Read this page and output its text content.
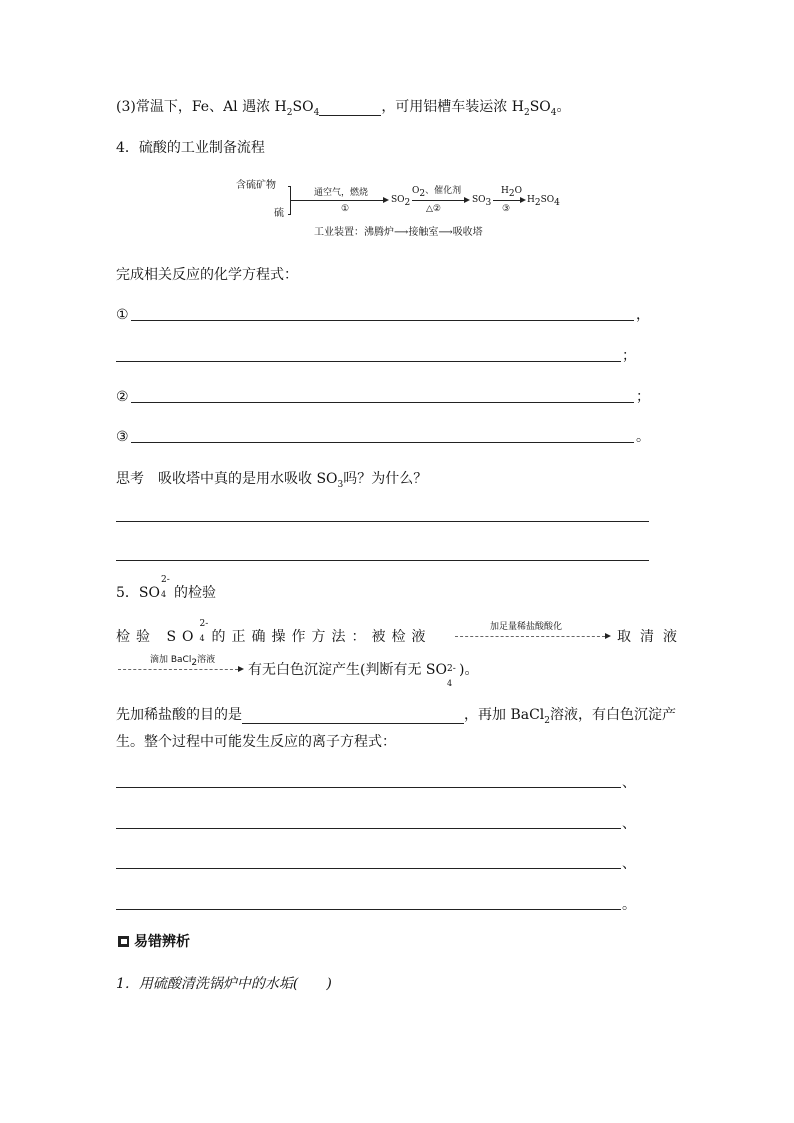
(3)常温下，Fe、Al 遇浓 $H_2SO_4$	，可用铝槽车装运浓 $H_2SO_4$。
4．硫酸的工业制备流程
含硫矿物
硫
通空气，燃烧
①
$SO_2$
$O_2$、催化剂
△②
$SO_3$
$H_2O$
③
$H_2SO_4$
工业装置：沸腾炉⟶接触室⟶吸收塔
完成相关反应的化学方程式：
①	，
；
②	；
③	。
思考　吸收塔中真的是用水吸收 $SO_3$吗？为什么？
5．SO
2-
4 的检验
检验 SO
2-
4 的正确操作方法：被检液
加足量稀盐酸酸化
取清液
滴加 BaCl$_2$溶液
有无白色沉淀产生(判断有无 SO 2-
4
)。
先加稀盐酸的目的是	，再加 BaCl$_2$溶液，有白色沉淀产
生。整个过程中可能发生反应的离子方程式：
、
、
、
。
易错辨析
1．用硫酸清洗锅炉中的水垢(　　)
